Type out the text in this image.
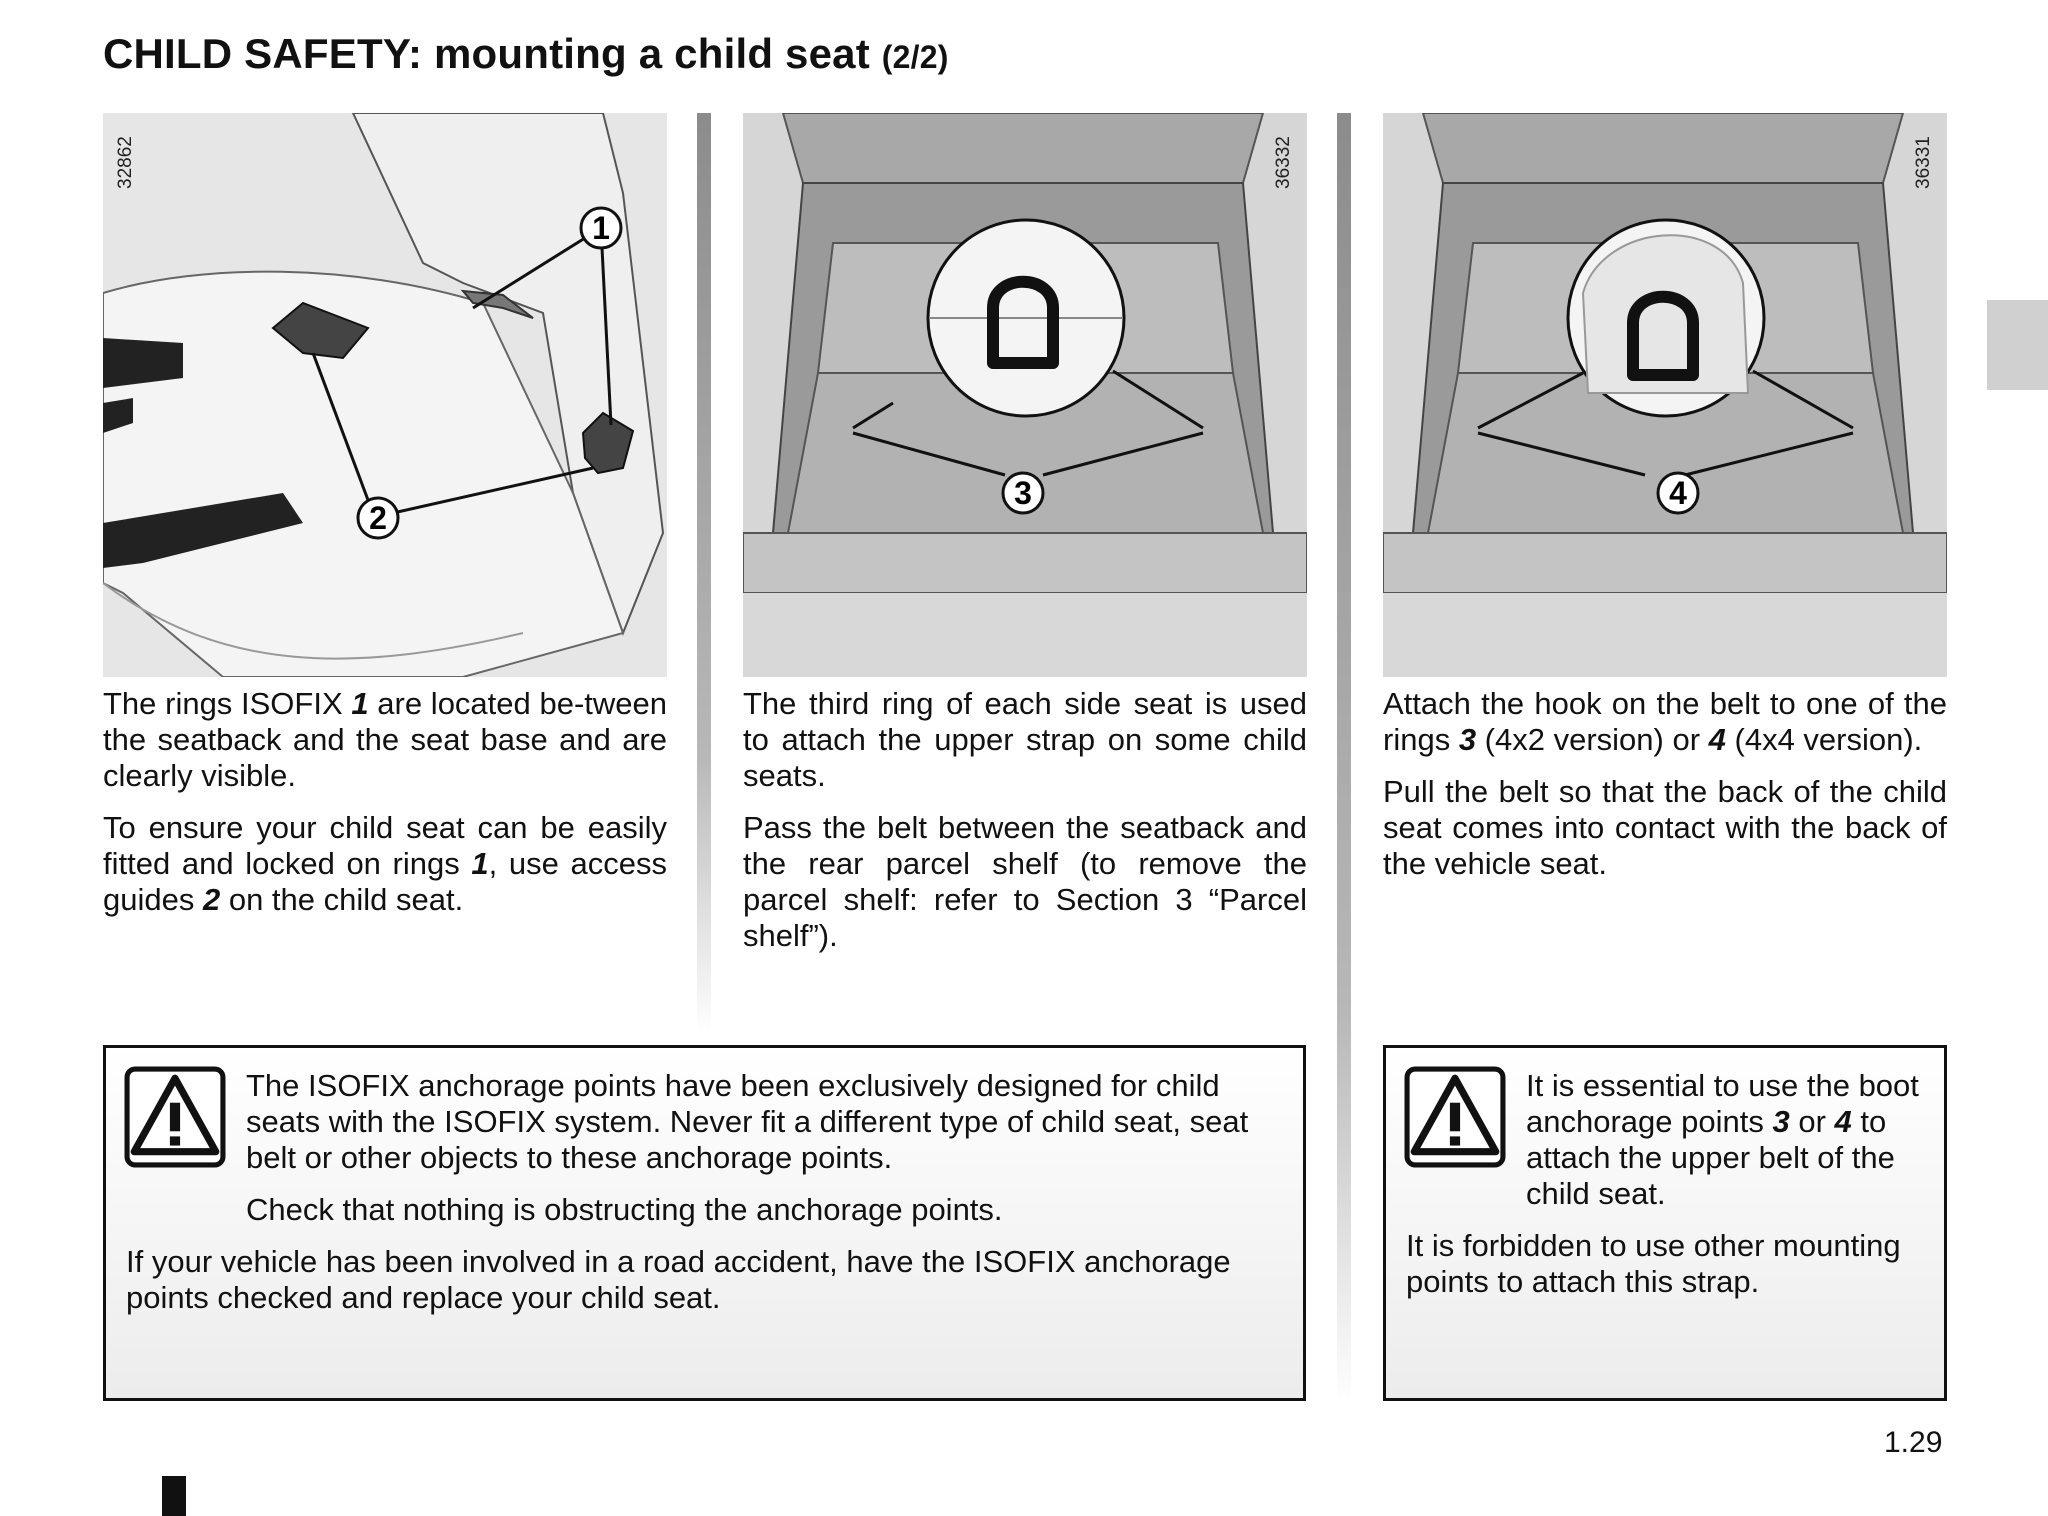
CHILD SAFETY: mounting a child seat (2/2)
1
2
32862
3
36332
4
36331

The rings ISOFIX 1 are located be-tween the seatback and the seat base and are clearly visible.

To ensure your child seat can be easily fitted and locked on rings 1, use access guides 2 on the child seat.

The third ring of each side seat is used to attach the upper strap on some child seats.

Pass the belt between the seatback and the rear parcel shelf (to remove the parcel shelf: refer to Section 3 “Parcel shelf”).

Attach the hook on the belt to one of the rings 3 (4x2 version) or 4 (4x4 version).

Pull the belt so that the back of the child seat comes into contact with the back of the vehicle seat.

The ISOFIX anchorage points have been exclusively designed for child seats with the ISOFIX system. Never fit a different type of child seat, seat belt or other objects to these anchorage points.

Check that nothing is obstructing the anchorage points.

If your vehicle has been involved in a road accident, have the ISOFIX anchorage points checked and replace your child seat.

It is essential to use the boot anchorage points 3 or 4 to attach the upper belt of the child seat.

It is forbidden to use other mounting points to attach this strap.

1.29
